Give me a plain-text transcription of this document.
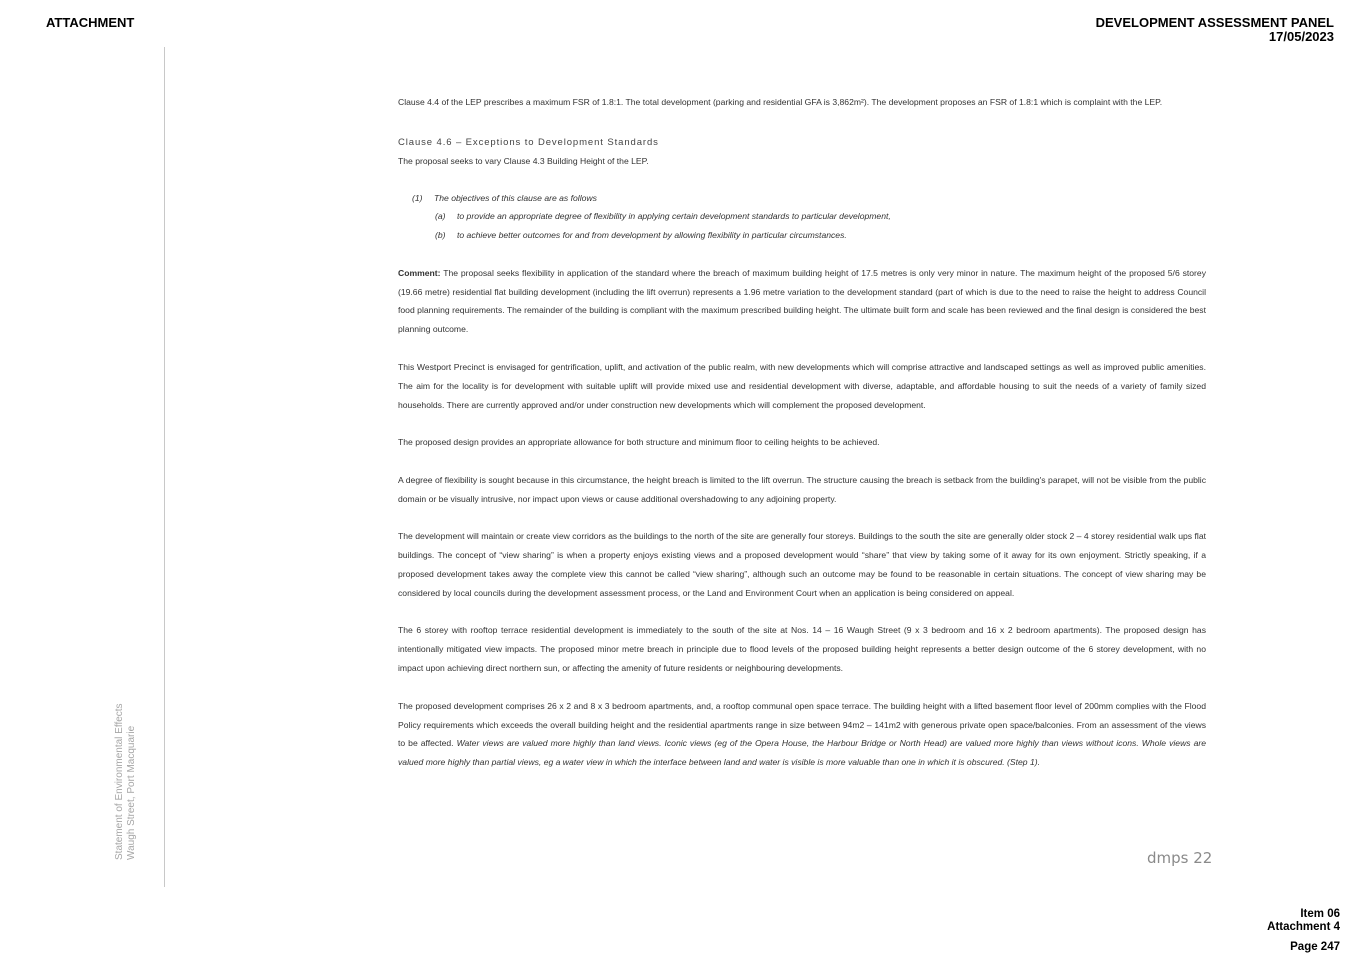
ATTACHMENT	DEVELOPMENT ASSESSMENT PANEL
17/05/2023
Statement of Environmental Effects Waugh Street, Port Macquarie

Clause 4.4 of the LEP prescribes a maximum FSR of 1.8:1. The total development (parking and residential GFA is 3,862m²). The development proposes an FSR of 1.8:1 which is complaint with the LEP.

Clause 4.6 – Exceptions to Development Standards

The proposal seeks to vary Clause 4.3 Building Height of the LEP.

(1) The objectives of this clause are as follows
(a) to provide an appropriate degree of flexibility in applying certain development standards to particular development,
(b) to achieve better outcomes for and from development by allowing flexibility in particular circumstances.

Comment: The proposal seeks flexibility in application of the standard where the breach of maximum building height of 17.5 metres is only very minor in nature. The maximum height of the proposed 5/6 storey (19.66 metre) residential flat building development (including the lift overrun) represents a 1.96 metre variation to the development standard (part of which is due to the need to raise the height to address Council food planning requirements. The remainder of the building is compliant with the maximum prescribed building height. The ultimate built form and scale has been reviewed and the final design is considered the best planning outcome.

This Westport Precinct is envisaged for gentrification, uplift, and activation of the public realm, with new developments which will comprise attractive and landscaped settings as well as improved public amenities. The aim for the locality is for development with suitable uplift will provide mixed use and residential development with diverse, adaptable, and affordable housing to suit the needs of a variety of family sized households. There are currently approved and/or under construction new developments which will complement the proposed development.

The proposed design provides an appropriate allowance for both structure and minimum floor to ceiling heights to be achieved.

A degree of flexibility is sought because in this circumstance, the height breach is limited to the lift overrun. The structure causing the breach is setback from the building's parapet, will not be visible from the public domain or be visually intrusive, nor impact upon views or cause additional overshadowing to any adjoining property.

The development will maintain or create view corridors as the buildings to the north of the site are generally four storeys. Buildings to the south the site are generally older stock 2 – 4 storey residential walk ups flat buildings. The concept of “view sharing” is when a property enjoys existing views and a proposed development would “share” that view by taking some of it away for its own enjoyment. Strictly speaking, if a proposed development takes away the complete view this cannot be called “view sharing”, although such an outcome may be found to be reasonable in certain situations. The concept of view sharing may be considered by local councils during the development assessment process, or the Land and Environment Court when an application is being considered on appeal.

The 6 storey with rooftop terrace residential development is immediately to the south of the site at Nos. 14 – 16 Waugh Street (9 x 3 bedroom and 16 x 2 bedroom apartments). The proposed design has intentionally mitigated view impacts. The proposed minor metre breach in principle due to flood levels of the proposed building height represents a better design outcome of the 6 storey development, with no impact upon achieving direct northern sun, or affecting the amenity of future residents or neighbouring developments.

The proposed development comprises 26 x 2 and 8 x 3 bedroom apartments, and, a rooftop communal open space terrace. The building height with a lifted basement floor level of 200mm complies with the Flood Policy requirements which exceeds the overall building height and the residential apartments range in size between 94m2 – 141m2 with generous private open space/balconies. From an assessment of the views to be affected. Water views are valued more highly than land views. Iconic views (eg of the Opera House, the Harbour Bridge or North Head) are valued more highly than views without icons. Whole views are valued more highly than partial views, eg a water view in which the interface between land and water is visible is more valuable than one in which it is obscured. (Step 1).

dmps 22
Item 06
Attachment 4
Page 247
